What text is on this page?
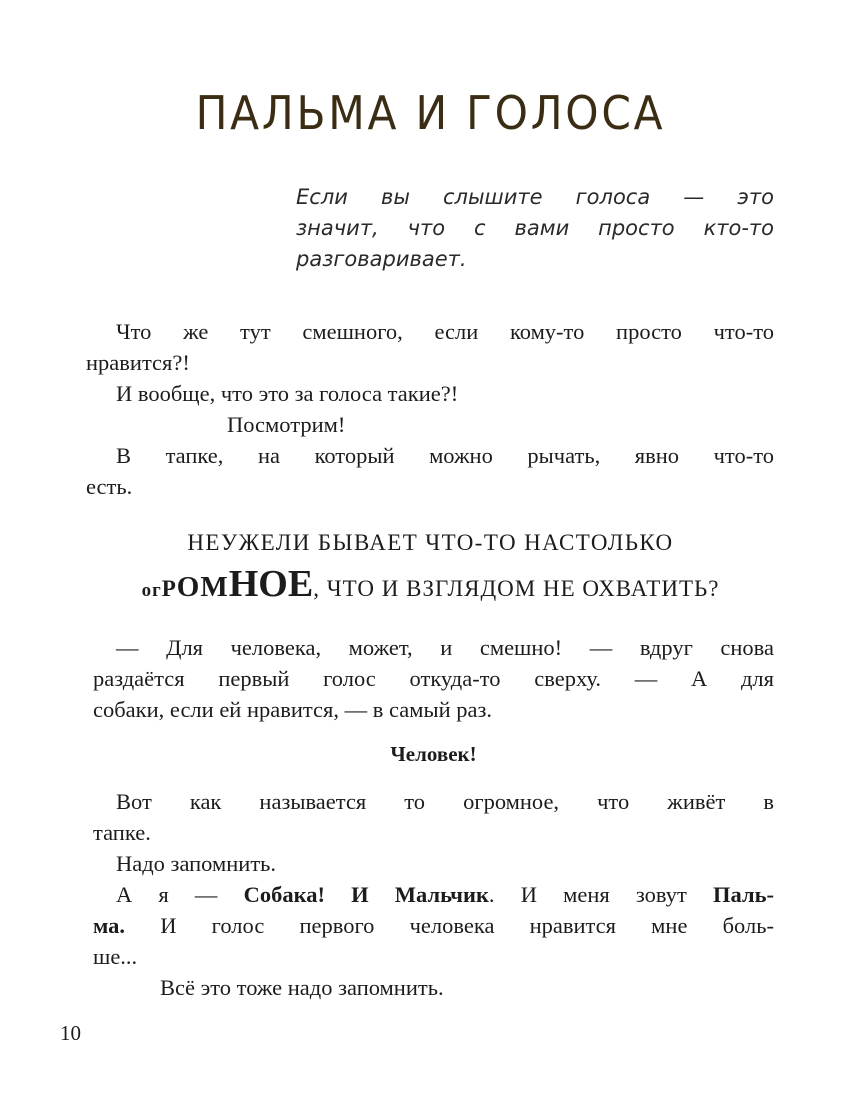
ПАЛЬМА И ГОЛОСА
Если вы слышите голоса — это
значит, что с вами просто кто-то
разговаривает.
Что же тут смешного, если кому-то просто что-то
нравится?!
И вообще, что это за голоса такие?!
Посмотрим!
В тапке, на который можно рычать, явно что-то
есть.
НЕУЖЕЛИ БЫВАЕТ ЧТО-ТО НАСТОЛЬКО
огРОМНОЕ, ЧТО И ВЗГЛЯДОМ НЕ ОХВАТИТЬ?
— Для человека, может, и смешно! — вдруг снова
раздаётся первый голос откуда-то сверху. — А для
собаки, если ей нравится, — в самый раз.
Человек!
Вот как называется то огромное, что живёт в
тапке.
Надо запомнить.
А я — Собака! И Мальчик. И меня зовут Паль-
ма. И голос первого человека нравится мне боль-
ше...
Всё это тоже надо запомнить.
10
